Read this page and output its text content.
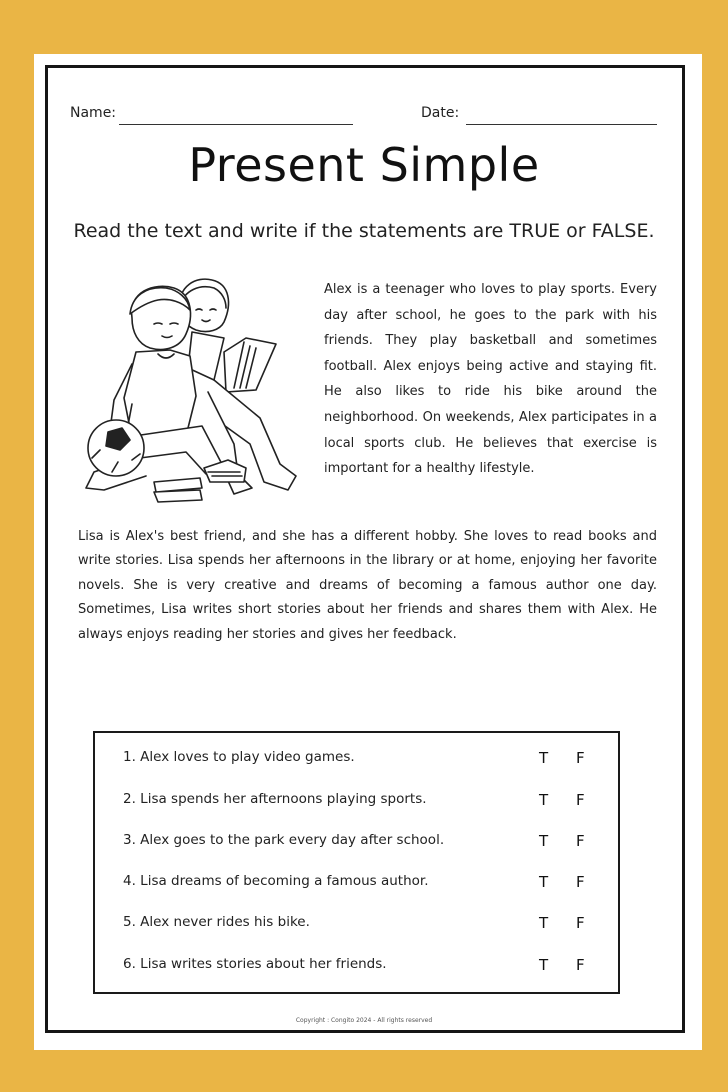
Name:	Date:
Present Simple
Read the text and write if the statements are TRUE or FALSE.
Alex is a teenager who loves to play sports. Every day after school, he goes to the park with his friends. They play basketball and sometimes football. Alex enjoys being active and staying fit. He also likes to ride his bike around the neighborhood. On weekends, Alex participates in a local sports club. He believes that exercise is important for a healthy lifestyle.
Lisa is Alex's best friend, and she has a different hobby. She loves to read books and write stories. Lisa spends her afternoons in the library or at home, enjoying her favorite novels. She is very creative and dreams of becoming a famous author one day. Sometimes, Lisa writes short stories about her friends and shares them with Alex. He always enjoys reading her stories and gives her feedback.
1. Alex loves to play video games.	T F
2. Lisa spends her afternoons playing sports.	T F
3. Alex goes to the park every day after school.	T F
4. Lisa dreams of becoming a famous author.	T F
5. Alex never rides his bike.	T F
6. Lisa writes stories about her friends.	T F
Copyright : Congito 2024 - All rights reserved
